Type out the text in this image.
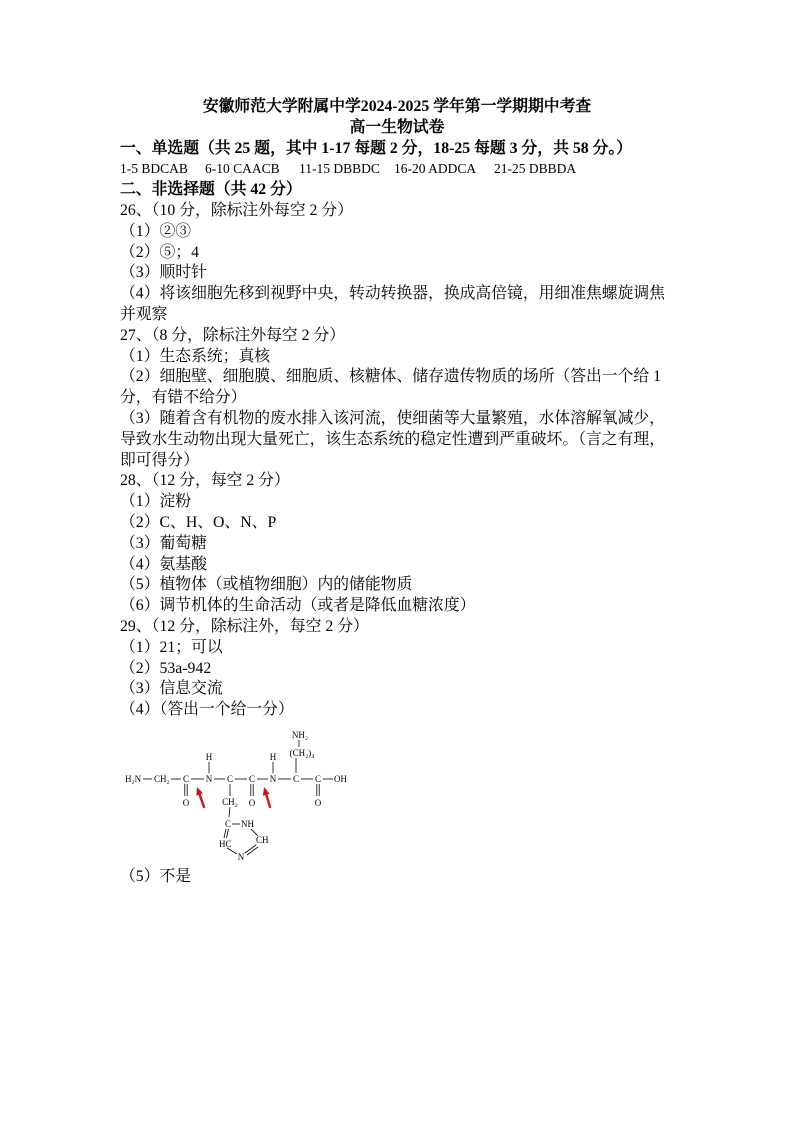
安徽师范大学附属中学2024-2025 学年第一学期期中考查
高一生物试卷
一、单选题（共 25 题，其中 1-17 每题 2 分，18-25 每题 3 分，共 58 分。）
1-5 BDCAB 6-10 CAACB 11-15 DBBDC 16-20 ADDCA 21-25 DBBDA
二、非选择题（共 42 分）
26、（10 分，除标注外每空 2 分）
（1）②③
（2）⑤；4
（3）顺时针
（4）将该细胞先移到视野中央，转动转换器，换成高倍镜，用细准焦螺旋调焦
并观察
27、（8 分，除标注外每空 2 分）
（1）生态系统；真核
（2）细胞壁、细胞膜、细胞质、核糖体、储存遗传物质的场所（答出一个给 1
分，有错不给分）
（3）随着含有机物的废水排入该河流，使细菌等大量繁殖，水体溶解氧减少，
导致水生动物出现大量死亡，该生态系统的稳定性遭到严重破坏。（言之有理，
即可得分）
28、（12 分，每空 2 分）
（1）淀粉
（2）C、H、O、N、P
（3）葡萄糖
（4）氨基酸
（5）植物体（或植物细胞）内的储能物质
（6）调节机体的生命活动（或者是降低血糖浓度）
29、（12 分，除标注外，每空 2 分）
（1）21；可以
（2）53a-942
（3）信息交流
（4）（答出一个给一分）
H₂N CH₂ C
O
N
H
C
CH₂
C NH
CH
HC
N
C
O
N
H
C
(CH₂)₄
NH₂
C
O
OH
（5）不是
